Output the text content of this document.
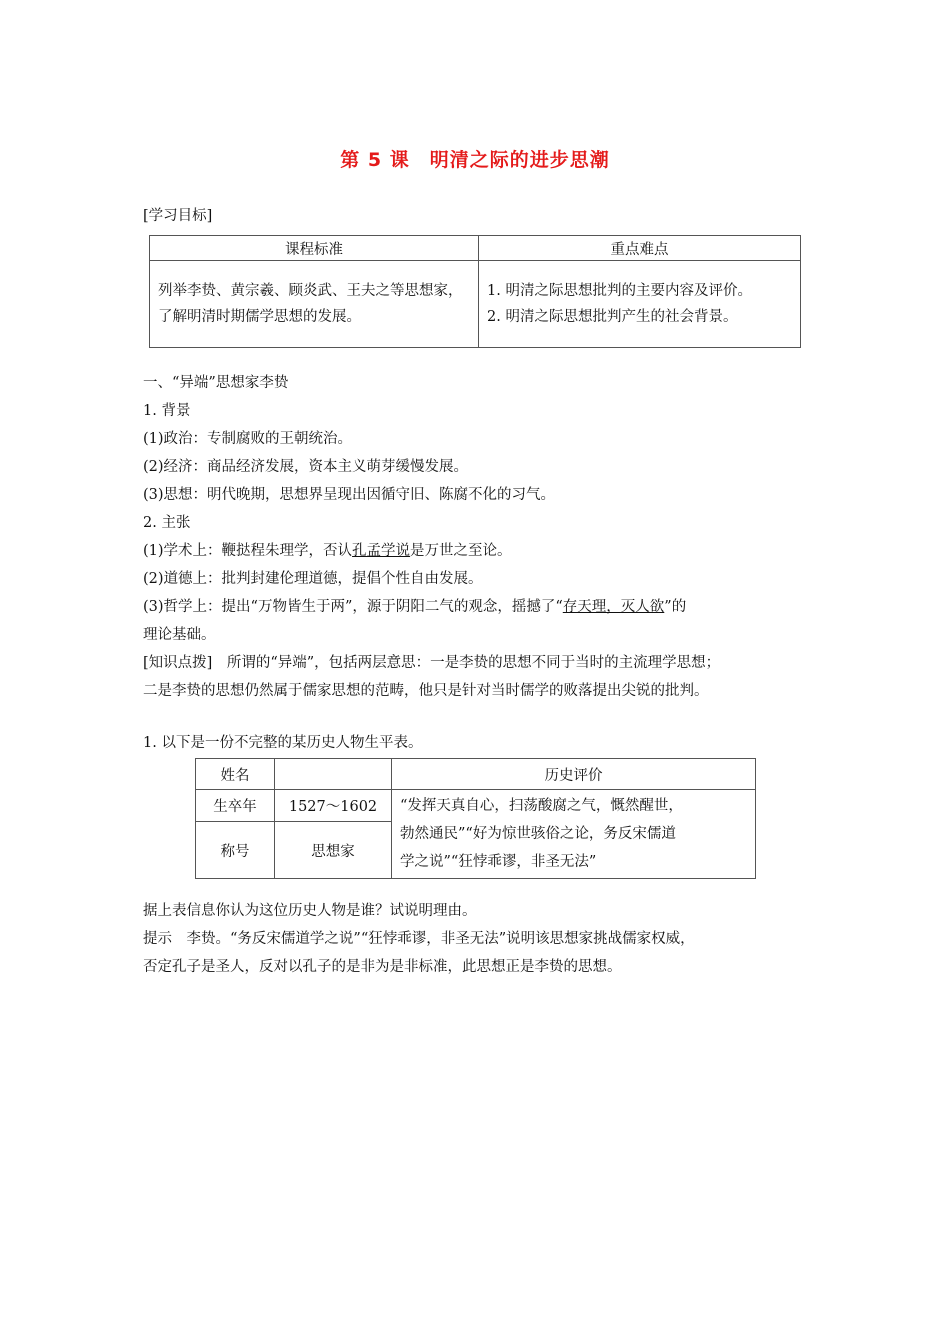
第 5 课　明清之际的进步思潮
[学习目标]
课程标准	重点难点
列举李贽、黄宗羲、顾炎武、王夫之等思想家，了解明清时期儒学思想的发展。	1. 明清之际思想批判的主要内容及评价。
2. 明清之际思想批判产生的社会背景。
一、“异端”思想家李贽
1. 背景
(1)政治：专制腐败的王朝统治。
(2)经济：商品经济发展，资本主义萌芽缓慢发展。
(3)思想：明代晚期，思想界呈现出因循守旧、陈腐不化的习气。
2. 主张
(1)学术上：鞭挞程朱理学，否认孔孟学说是万世之至论。
(2)道德上：批判封建伦理道德，提倡个性自由发展。
(3)哲学上：提出“万物皆生于两”，源于阴阳二气的观念，摇撼了“存天理，灭人欲”的
理论基础。
[知识点拨]　所谓的“异端”，包括两层意思：一是李贽的思想不同于当时的主流理学思想；
二是李贽的思想仍然属于儒家思想的范畴，他只是针对当时儒学的败落提出尖锐的批判。
1. 以下是一份不完整的某历史人物生平表。
姓名		历史评价
生卒年	1527～1602	“发挥天真自心，扫荡酸腐之气，慨然醒世，
勃然通民”“好为惊世骇俗之论，务反宋儒道
学之说”“狂悖乖谬，非圣无法”

称号	思想家	
据上表信息你认为这位历史人物是谁？试说明理由。
提示　李贽。“务反宋儒道学之说”“狂悖乖谬，非圣无法”说明该思想家挑战儒家权威，
否定孔子是圣人，反对以孔子的是非为是非标准，此思想正是李贽的思想。
